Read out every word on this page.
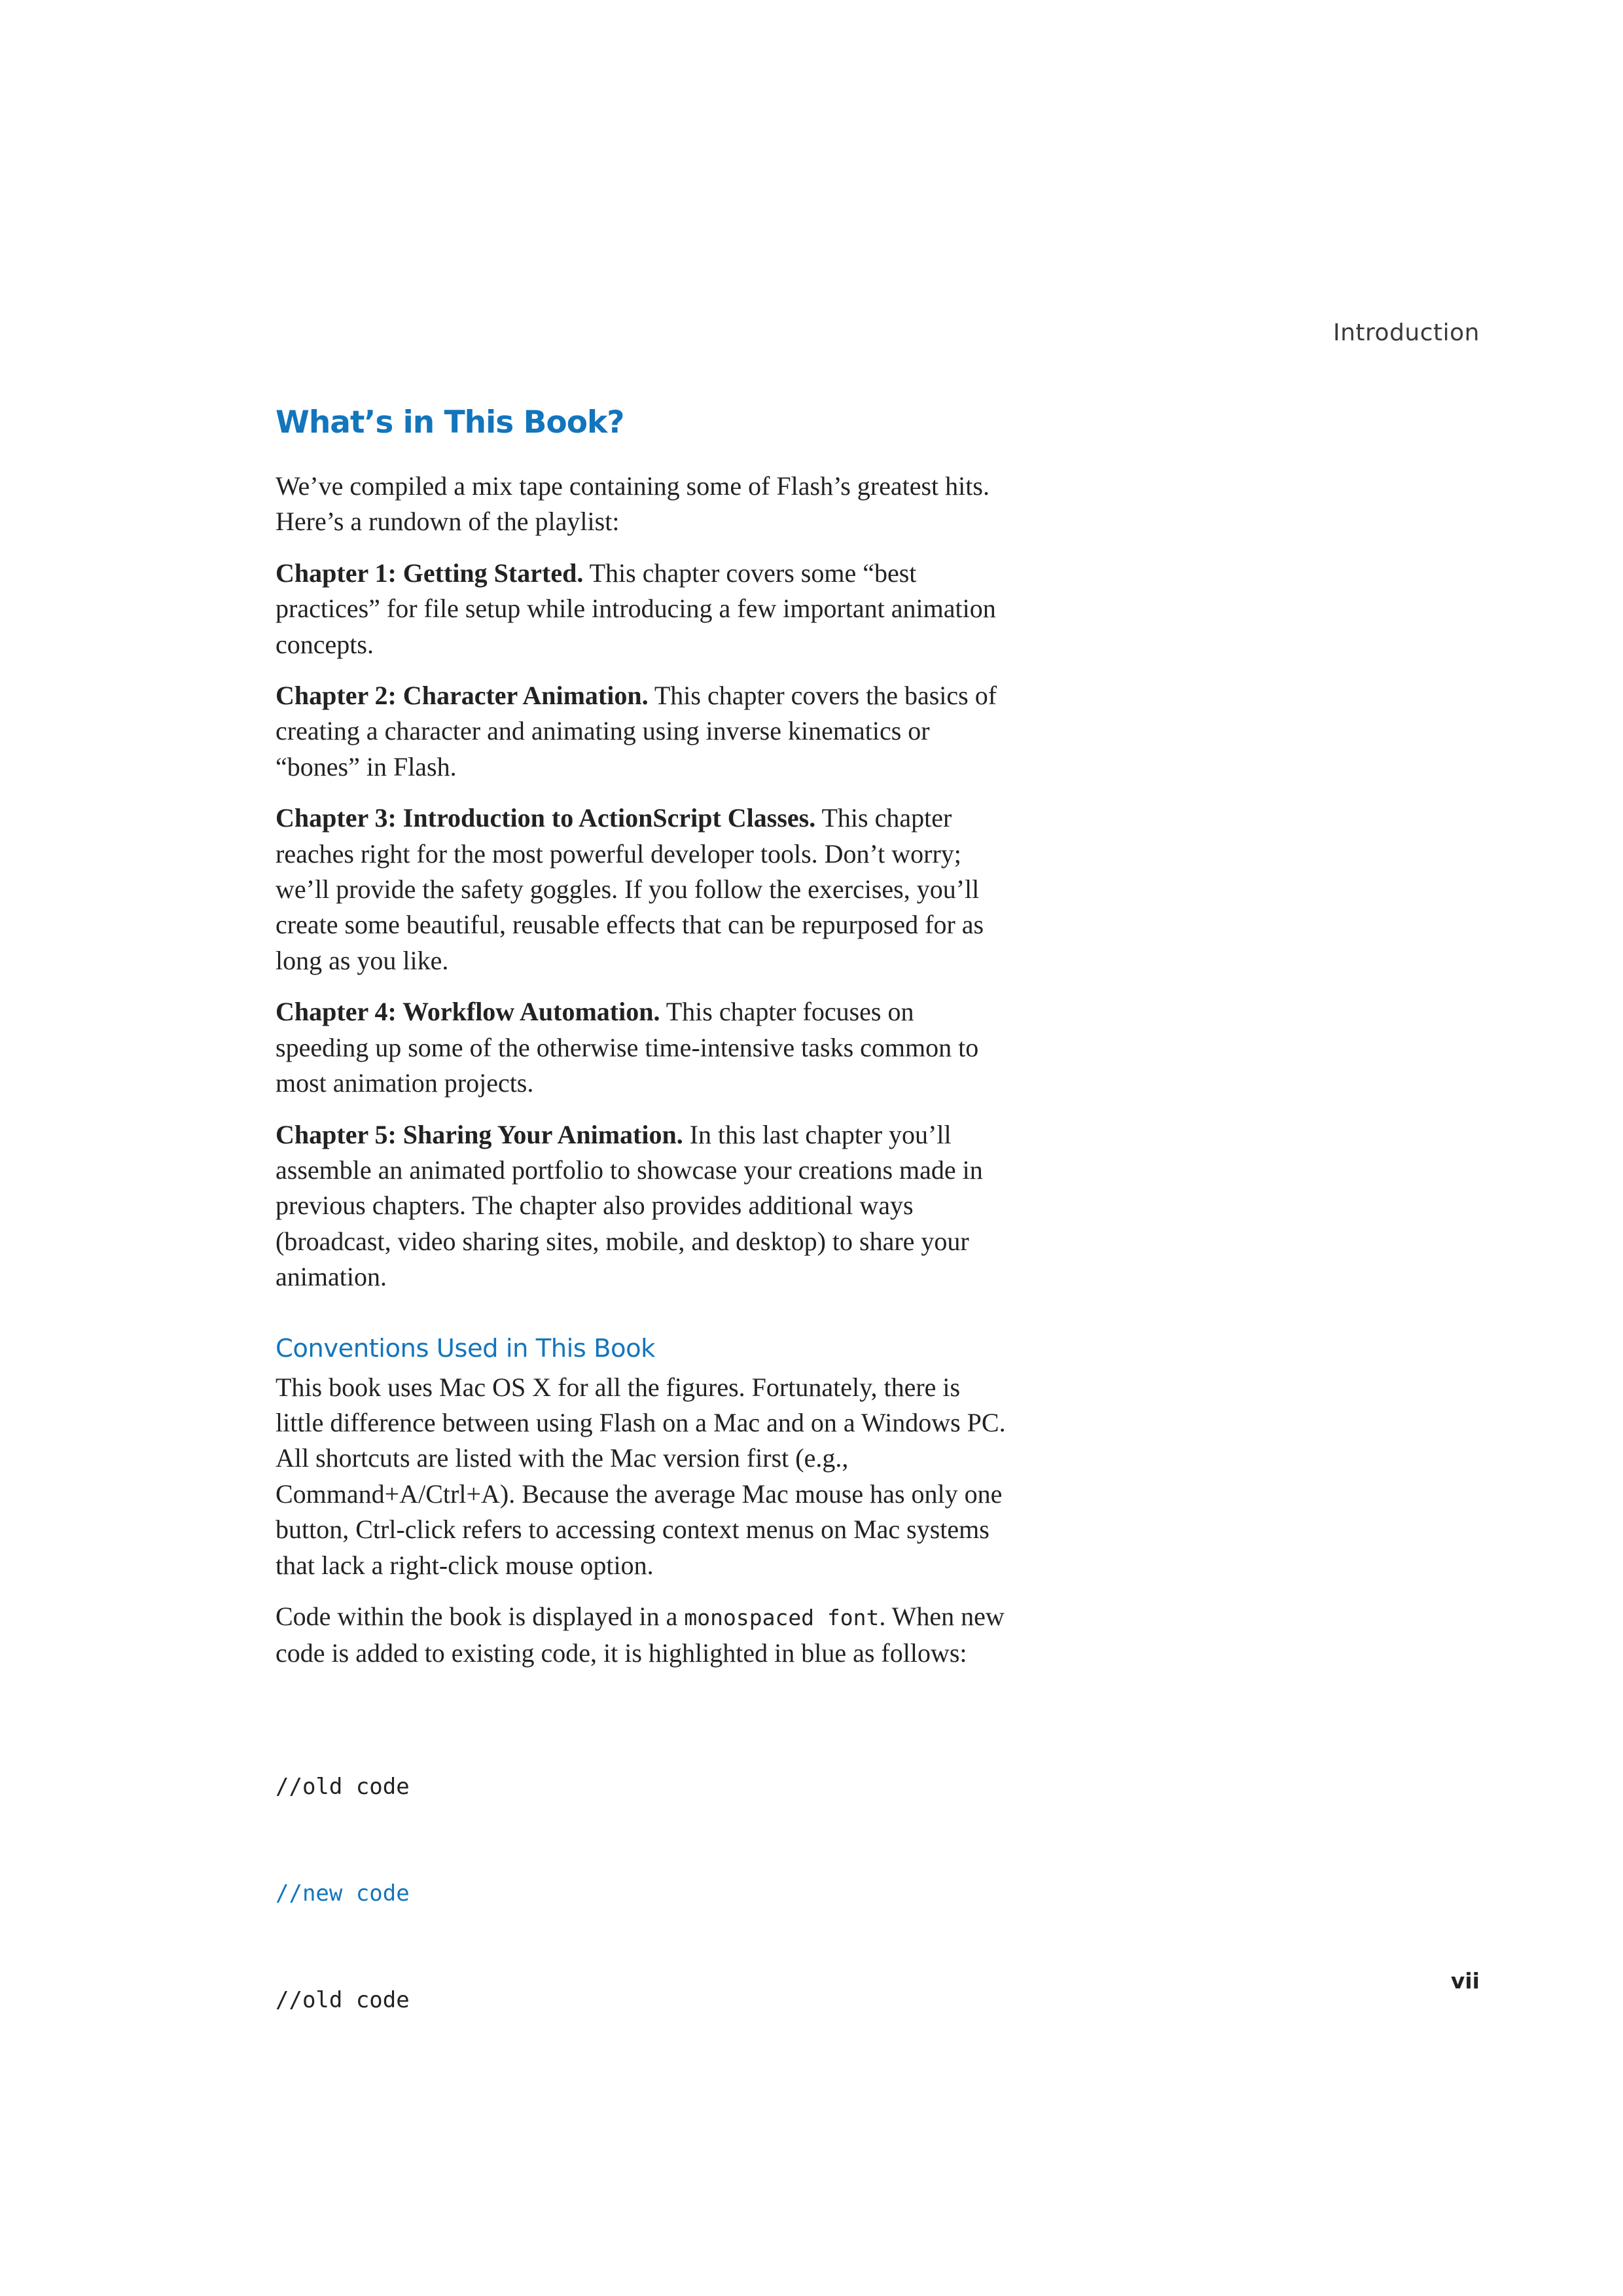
Introduction
What’s in This Book?

We’ve compiled a mix tape containing some of Flash’s greatest hits. Here’s a rundown of the playlist:

Chapter 1: Getting Started. This chapter covers some “best practices” for file setup while introducing a few important animation concepts.

Chapter 2: Character Animation. This chapter covers the basics of creating a character and animating using inverse kinematics or “bones” in Flash.

Chapter 3: Introduction to ActionScript Classes. This chapter reaches right for the most powerful developer tools. Don’t worry; we’ll provide the safety goggles. If you follow the exercises, you’ll create some beautiful, reusable effects that can be repurposed for as long as you like.

Chapter 4: Workflow Automation. This chapter focuses on speeding up some of the otherwise time-intensive tasks common to most animation projects.

Chapter 5: Sharing Your Animation. In this last chapter you’ll assemble an animated portfolio to showcase your creations made in previous chapters. The chapter also provides additional ways (broadcast, video sharing sites, mobile, and desktop) to share your animation.

Conventions Used in This Book

This book uses Mac OS X for all the figures. Fortunately, there is little difference between using Flash on a Mac and on a Windows PC. All shortcuts are listed with the Mac version first (e.g., Command+A/Ctrl+A). Because the average Mac mouse has only one button, Ctrl-click refers to accessing context menus on Mac systems that lack a right-click mouse option.

Code within the book is displayed in a monospaced font. When new code is added to existing code, it is highlighted in blue as follows:

//old code

//new code

//old code

vii
